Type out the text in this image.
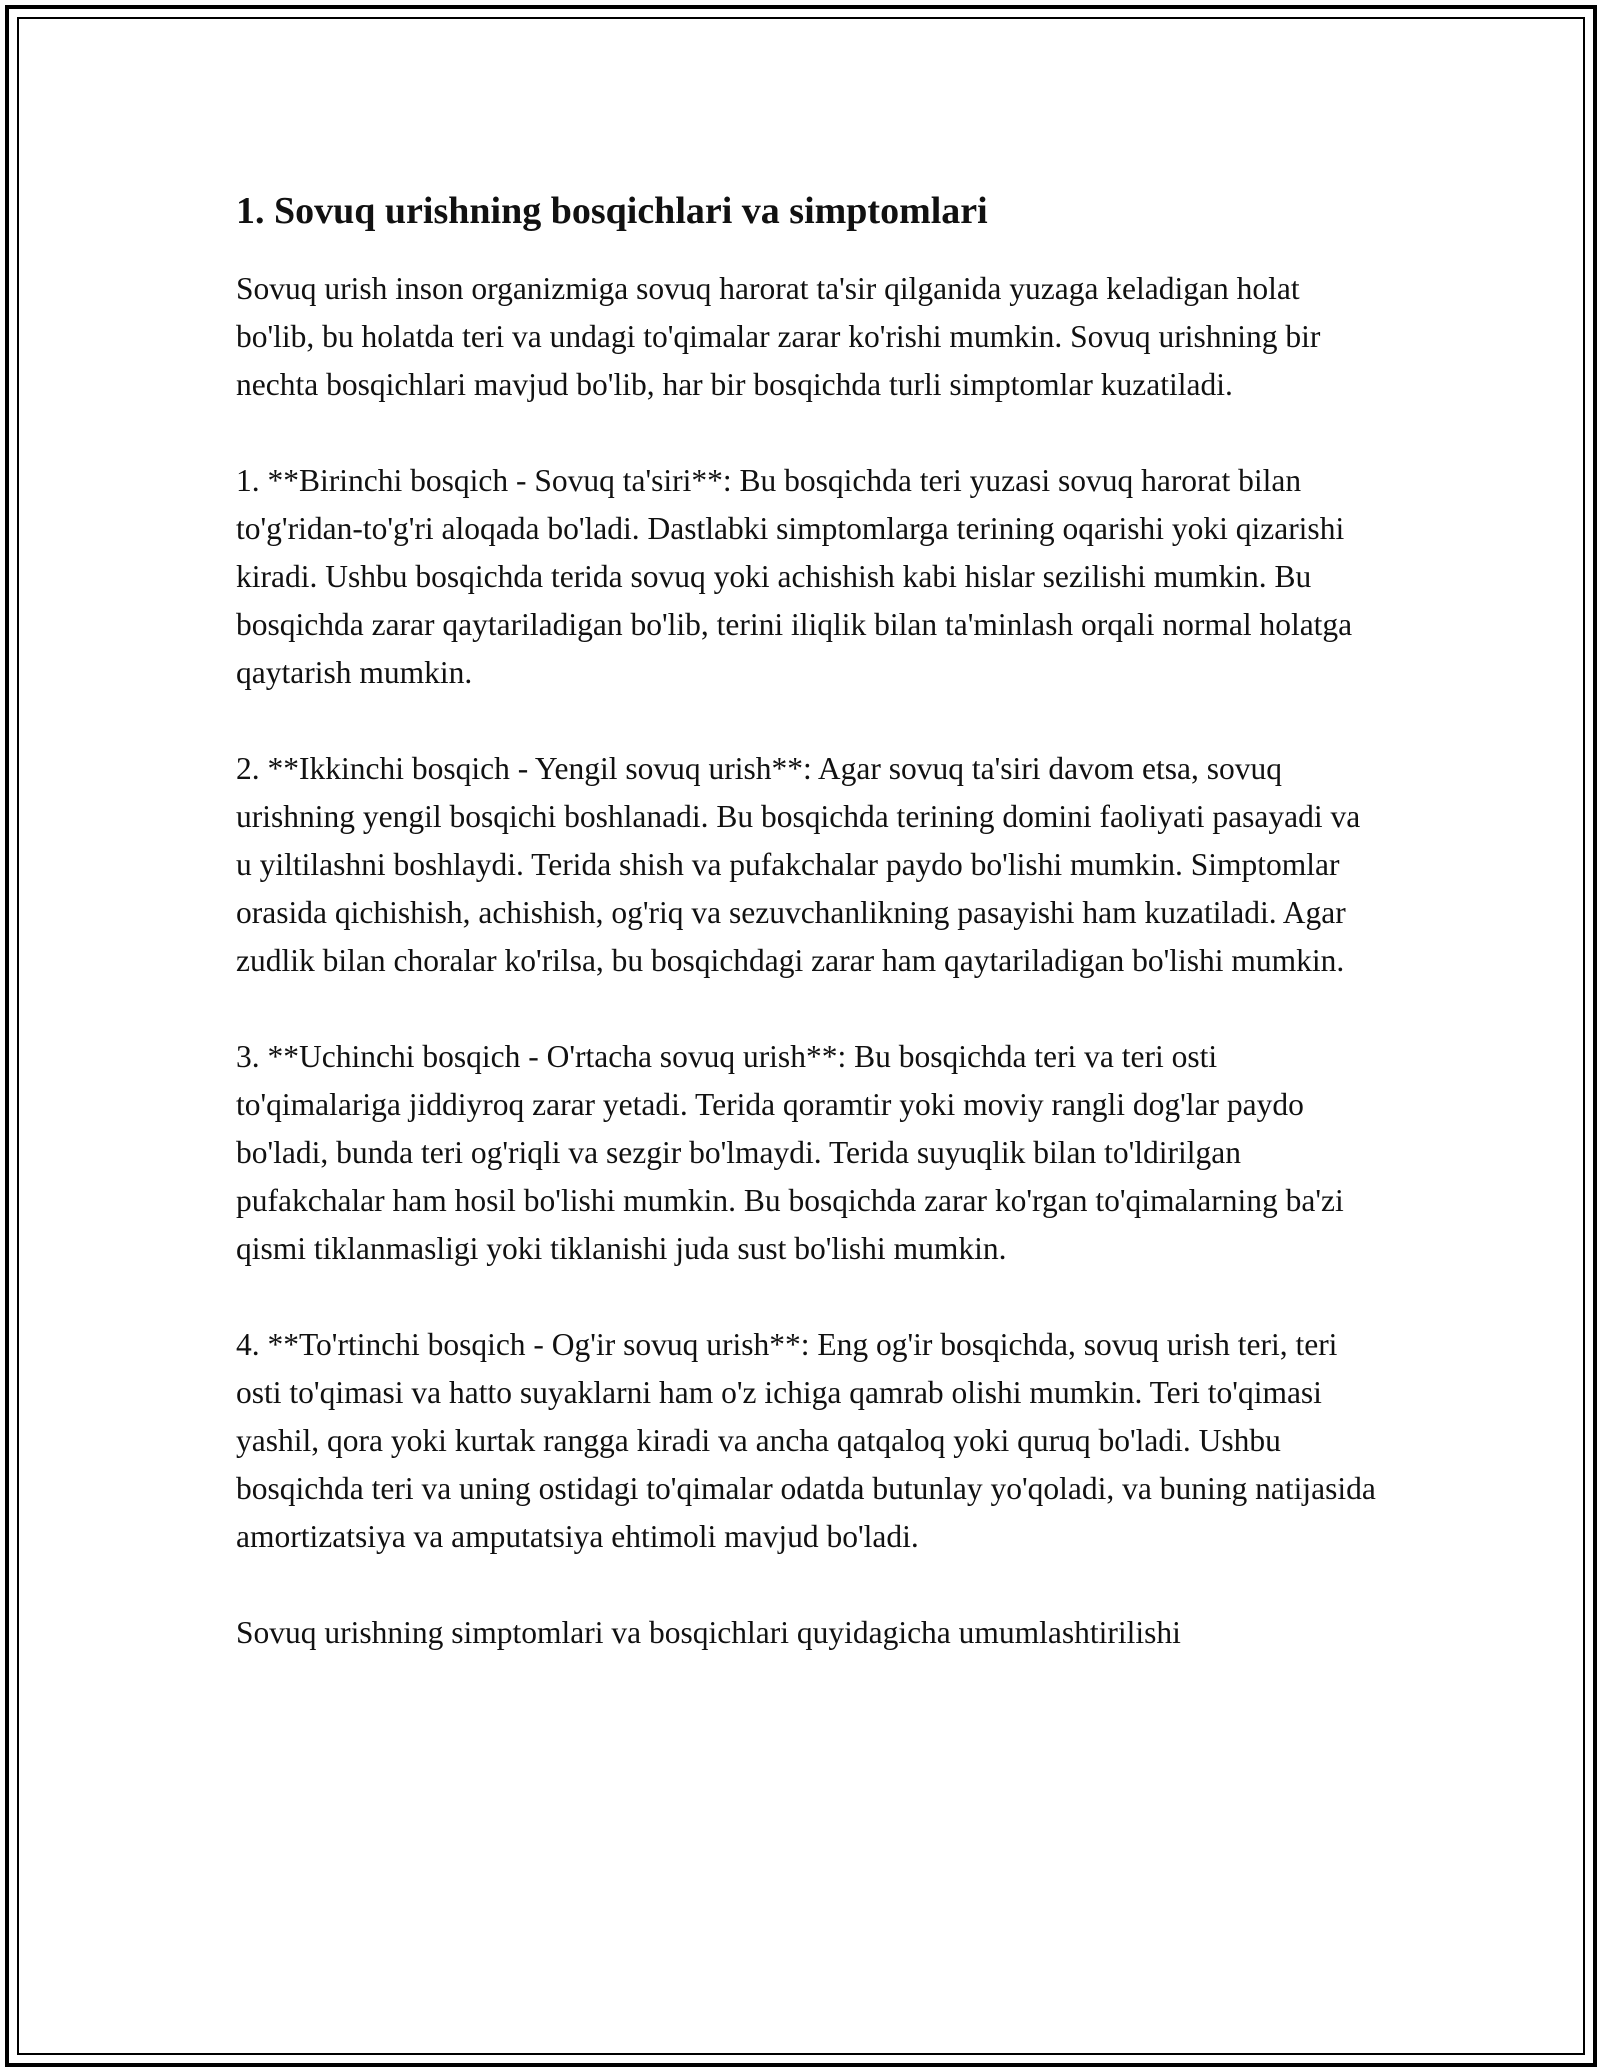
1. Sovuq urishning bosqichlari va simptomlari

Sovuq urish inson organizmiga sovuq harorat ta'sir qilganida yuzaga keladigan holat bo'lib, bu holatda teri va undagi to'qimalar zarar ko'rishi mumkin. Sovuq urishning bir nechta bosqichlari mavjud bo'lib, har bir bosqichda turli simptomlar kuzatiladi.

1. **Birinchi bosqich - Sovuq ta'siri**: Bu bosqichda teri yuzasi sovuq harorat bilan to'g'ridan-to'g'ri aloqada bo'ladi. Dastlabki simptomlarga terining oqarishi yoki qizarishi kiradi. Ushbu bosqichda terida sovuq yoki achishish kabi hislar sezilishi mumkin. Bu bosqichda zarar qaytariladigan bo'lib, terini iliqlik bilan ta'minlash orqali normal holatga qaytarish mumkin.

2. **Ikkinchi bosqich - Yengil sovuq urish**: Agar sovuq ta'siri davom etsa, sovuq urishning yengil bosqichi boshlanadi. Bu bosqichda terining domini faoliyati pasayadi va u yiltilashni boshlaydi. Terida shish va pufakchalar paydo bo'lishi mumkin. Simptomlar orasida qichishish, achishish, og'riq va sezuvchanlikning pasayishi ham kuzatiladi. Agar zudlik bilan choralar ko'rilsa, bu bosqichdagi zarar ham qaytariladigan bo'lishi mumkin.

3. **Uchinchi bosqich - O'rtacha sovuq urish**: Bu bosqichda teri va teri osti to'qimalariga jiddiyroq zarar yetadi. Terida qoramtir yoki moviy rangli dog'lar paydo bo'ladi, bunda teri og'riqli va sezgir bo'lmaydi. Terida suyuqlik bilan to'ldirilgan pufakchalar ham hosil bo'lishi mumkin. Bu bosqichda zarar ko'rgan to'qimalarning ba'zi qismi tiklanmasligi yoki tiklanishi juda sust bo'lishi mumkin.

4. **To'rtinchi bosqich - Og'ir sovuq urish**: Eng og'ir bosqichda, sovuq urish teri, teri osti to'qimasi va hatto suyaklarni ham o'z ichiga qamrab olishi mumkin. Teri to'qimasi yashil, qora yoki kurtak rangga kiradi va ancha qatqaloq yoki quruq bo'ladi. Ushbu bosqichda teri va uning ostidagi to'qimalar odatda butunlay yo'qoladi, va buning natijasida amortizatsiya va amputatsiya ehtimoli mavjud bo'ladi.

Sovuq urishning simptomlari va bosqichlari quyidagicha umumlashtirilishi
